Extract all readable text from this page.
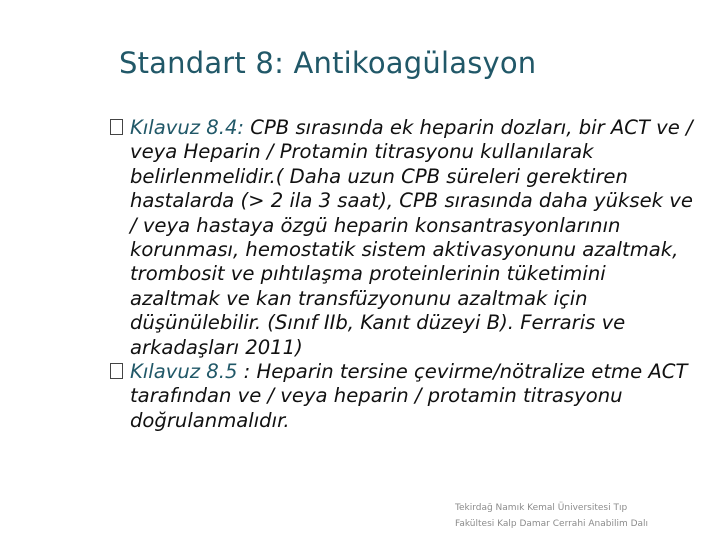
Standart 8: Antikoagülasyon
Kılavuz 8.4: CPB sırasında ek heparin dozları, bir ACT ve / veya Heparin / Protamin titrasyonu kullanılarak belirlenmelidir.( Daha uzun CPB süreleri gerektiren hastalarda (> 2 ila 3 saat), CPB sırasında daha yüksek ve / veya hastaya özgü heparin konsantrasyonlarının korunması, hemostatik sistem aktivasyonunu azaltmak, trombosit ve pıhtılaşma proteinlerinin tüketimini azaltmak ve kan transfüzyonunu azaltmak için düşünülebilir. (Sınıf IIb, Kanıt düzeyi B). Ferraris ve arkadaşları 2011)
Kılavuz 8.5 : Heparin tersine çevirme/nötralize etme ACT tarafından ve / veya heparin / protamin titrasyonu doğrulanmalıdır.
Tekirdağ Namık Kemal Üniversitesi Tıp
Fakültesi Kalp Damar Cerrahi Anabilim Dalı
